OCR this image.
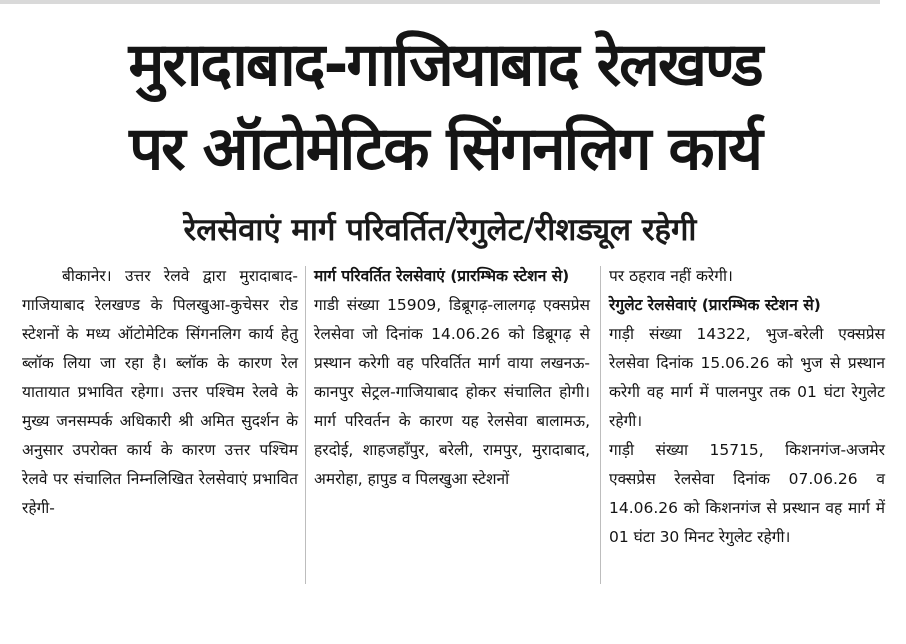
मुरादाबाद-गाजियाबाद रेलखण्ड
पर ऑटोमेटिक सिंगनलिग कार्य
रेलसेवाएं मार्ग परिवर्तित/रेगुलेट/रीशड्यूल रहेगी

बीकानेर। उत्तर रेलवे द्वारा मुरादाबाद-गाजियाबाद रेलखण्ड के पिलखुआ-कुचेसर रोड स्टेशनों के मध्य ऑटोमेटिक सिंगनलिग कार्य हेतु ब्लॉक लिया जा रहा है। ब्लॉक के कारण रेल यातायात प्रभावित रहेगा। उत्तर पश्चिम रेलवे के मुख्य जनसम्पर्क अधिकारी श्री अमित सुदर्शन के अनुसार उपरोक्त कार्य के कारण उत्तर पश्चिम रेलवे पर संचालित निम्नलिखित रेलसेवाएं प्रभावित रहेगी-

मार्ग परिवर्तित रेलसेवाएं (प्रारम्भिक स्टेशन से)

गाडी संख्या 15909, डिब्रूगढ़-लालगढ़ एक्सप्रेस रेलसेवा जो दिनांक 14.06.26 को डिब्रूगढ़ से प्रस्थान करेगी वह परिवर्तित मार्ग वाया लखनऊ-कानपुर सेट्रल-गाजियाबाद होकर संचालित होगी। मार्ग परिवर्तन के कारण यह रेलसेवा बालामऊ, हरदोई, शाहजहाँपुर, बरेली, रामपुर, मुरादाबाद, अमरोहा, हापुड व पिलखुआ स्टेशनों

पर ठहराव नहीं करेगी।

रेगुलेट रेलसेवाएं (प्रारम्भिक स्टेशन से)

गाड़ी संख्या 14322, भुज-बरेली एक्सप्रेस रेलसेवा दिनांक 15.06.26 को भुज से प्रस्थान करेगी वह मार्ग में पालनपुर तक 01 घंटा रेगुलेट रहेगी।

गाड़ी संख्या 15715, किशनगंज-अजमेर एक्सप्रेस रेलसेवा दिनांक 07.06.26 व 14.06.26 को किशनगंज से प्रस्थान वह मार्ग में 01 घंटा 30 मिनट रेगुलेट रहेगी।
